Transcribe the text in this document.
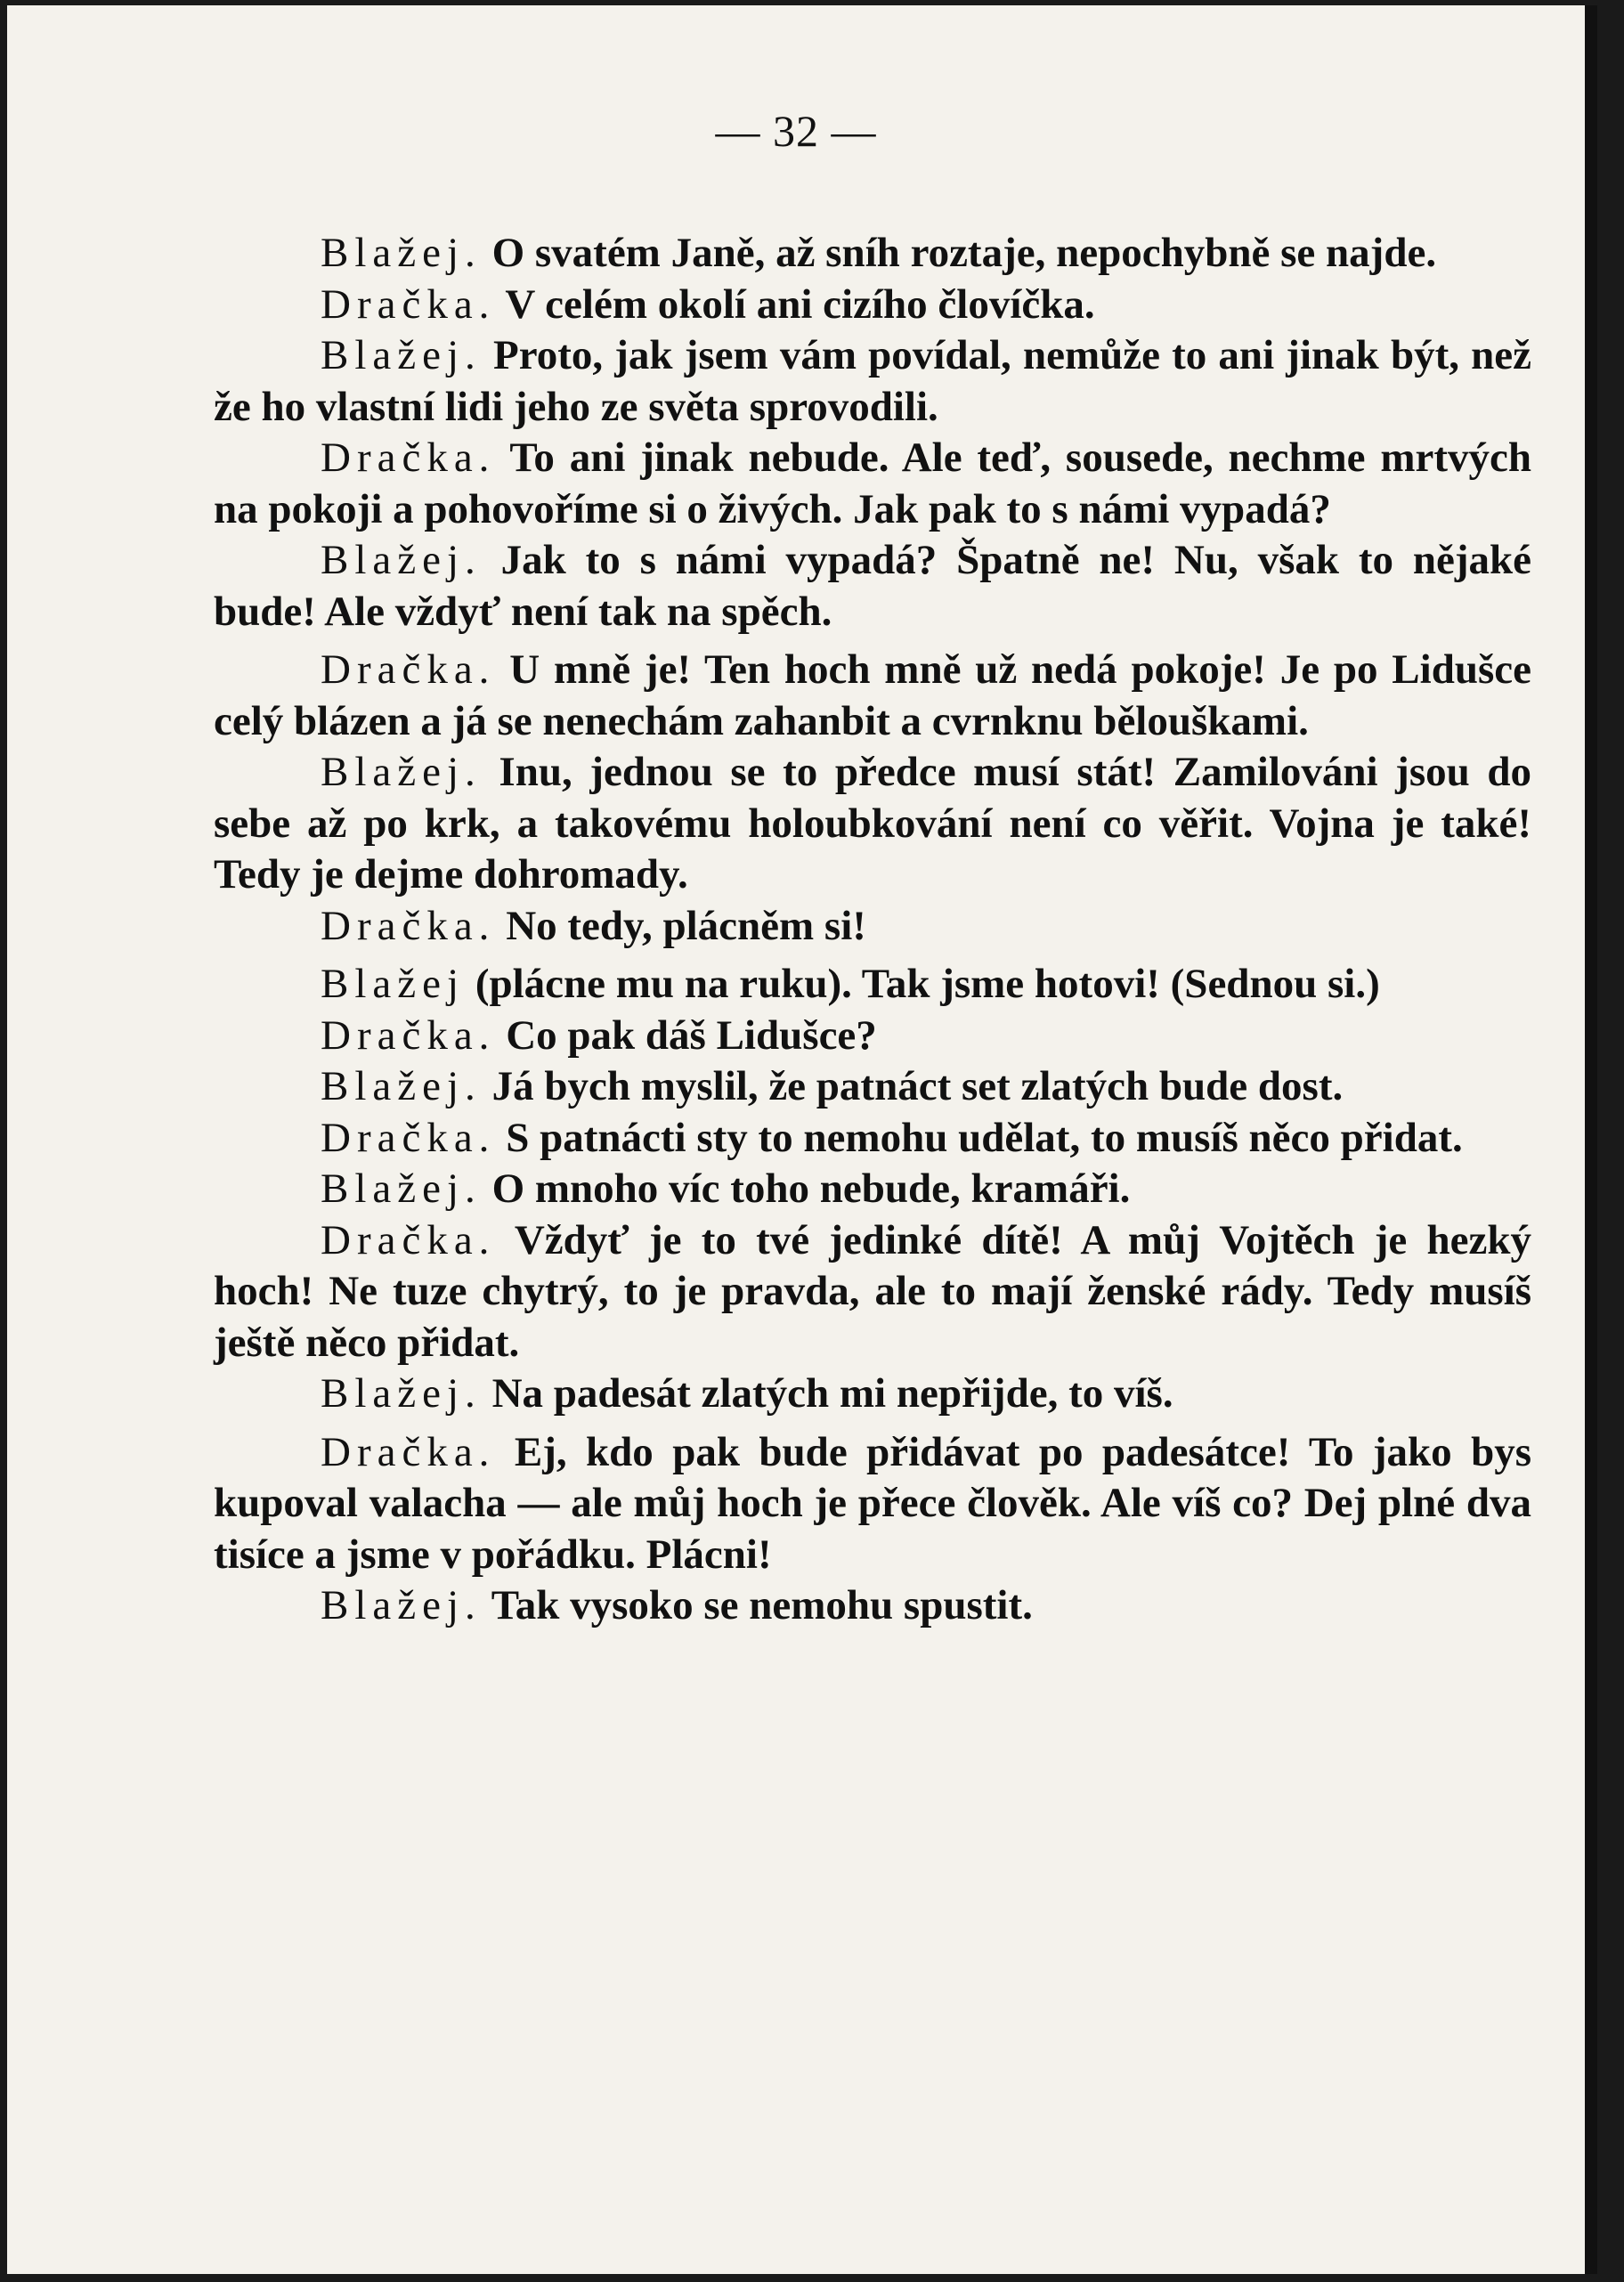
— 32 —

Blažej. O svatém Janě, až sníh roztaje, nepochybně se najde.

Dračka. V celém okolí ani cizího človíčka.

Blažej. Proto, jak jsem vám povídal, nemůže to ani jinak být, než že ho vlastní lidi jeho ze světa sprovodili.

Dračka. To ani jinak nebude. Ale teď, sousede, nechme mrtvých na pokoji a pohovoříme si o živých. Jak pak to s námi vypadá?

Blažej. Jak to s námi vypadá? Špatně ne! Nu, však to nějaké bude! Ale vždyť není tak na spěch.

Dračka. U mně je! Ten hoch mně už nedá pokoje! Je po Lidušce celý blázen a já se nenechám zahanbit a cvrnknu bělouškami.

Blažej. Inu, jednou se to předce musí stát! Zamilováni jsou do sebe až po krk, a takovému holoubkování není co věřit. Vojna je také! Tedy je dejme dohromady.

Dračka. No tedy, plácněm si!

Blažej (plácne mu na ruku). Tak jsme hotovi! (Sednou si.)

Dračka. Co pak dáš Lidušce?

Blažej. Já bych myslil, že patnáct set zlatých bude dost.

Dračka. S patnácti sty to nemohu udělat, to musíš něco přidat.

Blažej. O mnoho víc toho nebude, kramáři.

Dračka. Vždyť je to tvé jedinké dítě! A můj Vojtěch je hezký hoch! Ne tuze chytrý, to je pravda, ale to mají ženské rády. Tedy musíš ještě něco přidat.

Blažej. Na padesát zlatých mi nepřijde, to víš.

Dračka. Ej, kdo pak bude přidávat po padesátce! To jako bys kupoval valacha — ale můj hoch je přece člověk. Ale víš co? Dej plné dva tisíce a jsme v pořádku. Plácni!

Blažej. Tak vysoko se nemohu spustit.
